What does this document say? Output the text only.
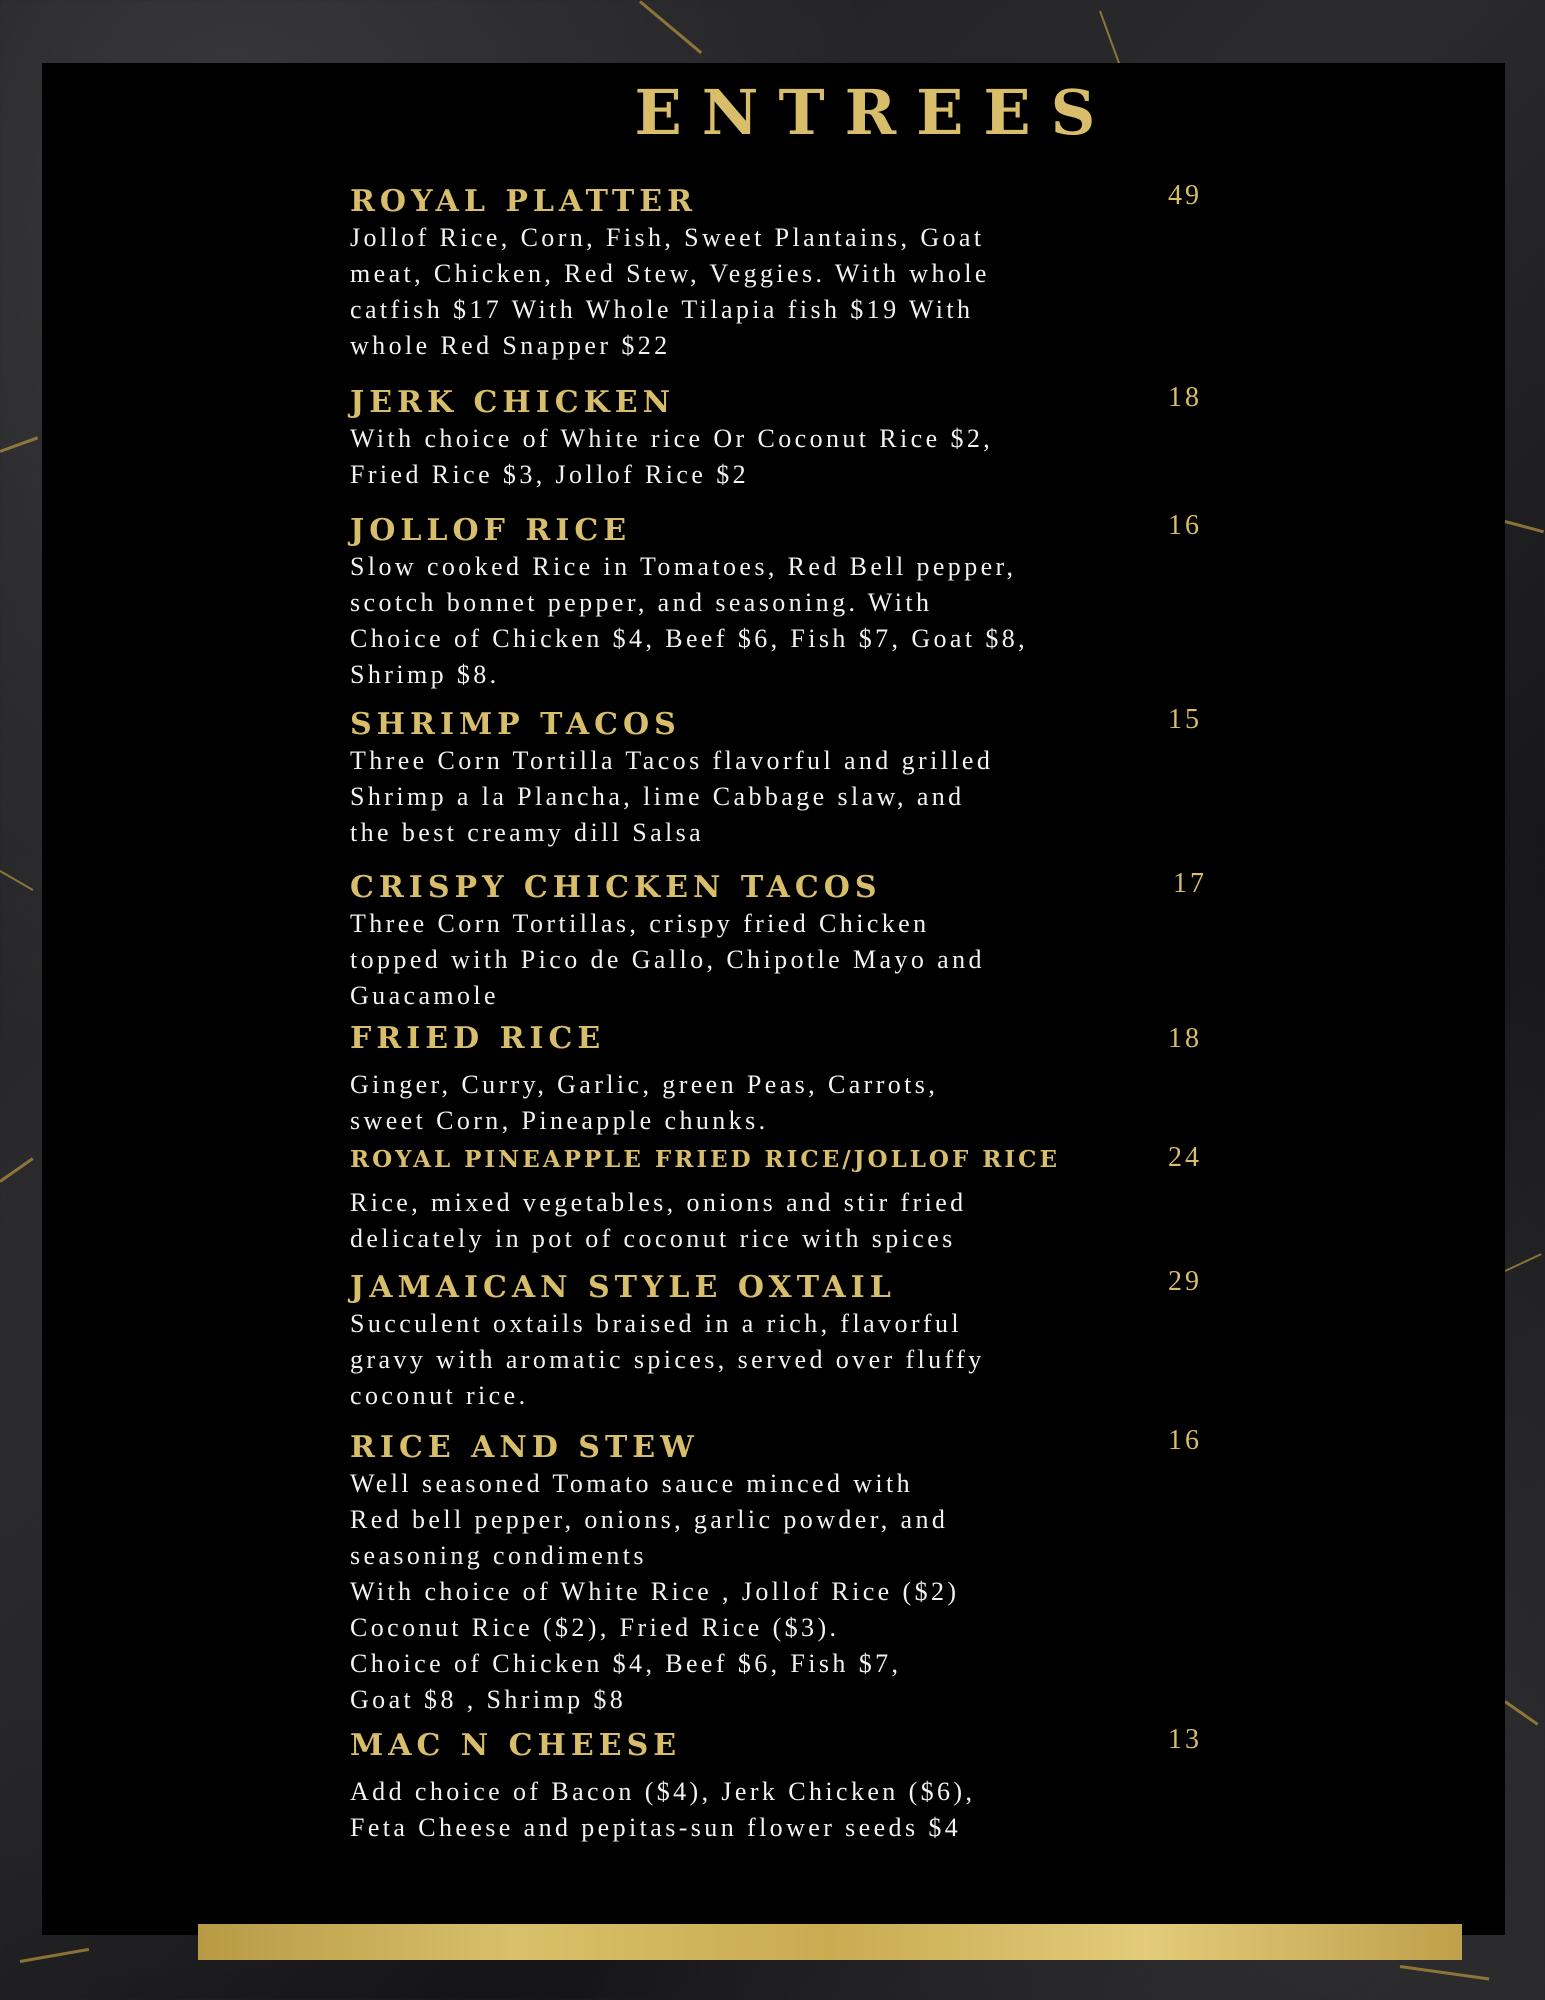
ENTREES
ROYAL PLATTER
Jollof Rice, Corn, Fish, Sweet Plantains, Goat
meat, Chicken, Red Stew, Veggies. With whole
catfish $17 With Whole Tilapia fish $19 With
whole Red Snapper $22
49
JERK CHICKEN
With choice of White rice Or Coconut Rice $2,
Fried Rice $3, Jollof Rice $2
18
JOLLOF RICE
Slow cooked Rice in Tomatoes, Red Bell pepper,
scotch bonnet pepper, and seasoning. With
Choice of Chicken $4, Beef $6, Fish $7, Goat $8,
Shrimp $8.
16
SHRIMP TACOS
Three Corn Tortilla Tacos flavorful and grilled
Shrimp a la Plancha, lime Cabbage slaw, and
the best creamy dill Salsa
15
CRISPY CHICKEN TACOS
Three Corn Tortillas, crispy fried Chicken
topped with Pico de Gallo, Chipotle Mayo and
Guacamole
17
FRIED RICE
Ginger, Curry, Garlic, green Peas, Carrots,
sweet Corn, Pineapple chunks.
18
ROYAL PINEAPPLE FRIED RICE/JOLLOF RICE
Rice, mixed vegetables, onions and stir fried
delicately in pot of coconut rice with spices
24
JAMAICAN STYLE OXTAIL
Succulent oxtails braised in a rich, flavorful
gravy with aromatic spices, served over fluffy
coconut rice.
29
RICE AND STEW
Well seasoned Tomato sauce minced with
Red bell pepper, onions, garlic powder, and
seasoning condiments
With choice of White Rice , Jollof Rice ($2)
Coconut Rice ($2), Fried Rice ($3).
Choice of Chicken $4, Beef $6, Fish $7,
Goat $8 , Shrimp $8
16
MAC N CHEESE
Add choice of Bacon ($4), Jerk Chicken ($6),
Feta Cheese and pepitas-sun flower seeds $4
13
